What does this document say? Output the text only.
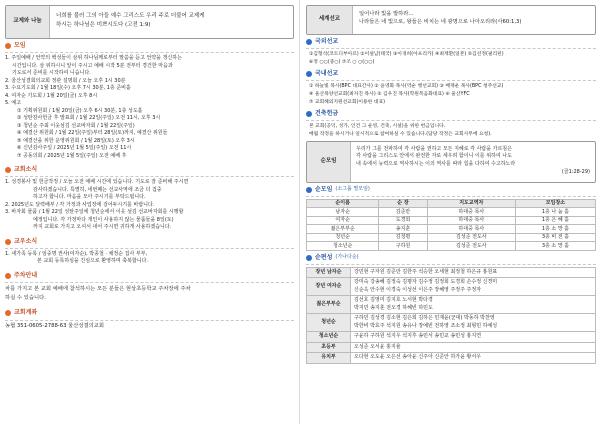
교제와 나눔
너희를 불러 그의 아들 예수 그리스도 우리 주로 더불어 교제케
하시는 하나님은 미쁘시도다 (고전 1:9)
모임
1. 주일예배 / 언약의 백성들이 삼위 하나님께로부터 말씀을 듣고 언약을 갱신하는
시간입니다. 삼 위하시니 앞이 주시고 예배 시작 5분 전부터 경건한 마음과
기도로서 준비를 시작하여 니습니다.
2. 울산성결회의교회 정관 설명회 / 오늘 오후 1시 30분
3. 수요기도회 / 1월 18일(수) 오후 7시 30분, 1층 준비홀
4. 여자순 기도회 / 1월 20일(금) 오후 8시
5. 예고
① 기획위원회 / 1월 20일(금) 오후 6시 30분, 1층 성도홀
② 성탄감사헌금 후 발표회 / 1월 22일(주일) 오전 11시, 오후 3시
③ 청년순 주최 이웃섬김 선교바자회 / 1월 22일(주일)
④ 예결산 위원회 / 1월 22일(주일)부터 28일(토)까지, 예결산 위원들
⑤ 예결산을 위한 운영위원회 / 1월 28일(토) 오후 3시
⑥ 신년감사주일 / 2025년 1월 5일(주일) 오전 11시
⑦ 공동의회 / 2025년 1월 5일(주일) 오전 예배 후
교회소식
1. 성경봉사 및 헌금작정 / 오늘 오전 예배 시간에 있습니다. 기도로 잘 준비해 주시면
감사하겠습니다. 특별히, 네번째는 선교사역에 조금 더 집중
하고자 합니다. 마음을 모아 주시기를 부탁드립니다.
2. 2025년도 달력배부 / 각 가정과 사업장에 걸어두시기를 바랍니다.
3. 바자회 물품 / 1월 22일 성탄주일에 청년순에서 이웃 섬김 선교바자회를 시행할
예정입니다. 각 가정마다 개인이 사용하지 않는 물품들을 8일(토)
까지 교회로 가지고 오셔서 내어 주시면 귀하게 사용하겠습니다.
교우소식
1. 새가족 등록 / 임중명 권사(여자순), 박종철 · 채정순 집사 부부,
본 교회 등록하심을 진심으로 환영하며 축복합니다.
주차안내
차를 가지고 본 교회 예배에 참석하시는 모든 분들은 현상초등학교 주차장에 주차
하실 수 있습니다.
교회계좌
농협 351-0605-2788-63 울산성결의교회
세계선교
일어나라 빛을 발하라...
나라들은 네 빛으로, 왕들은 비치는 네 광명으로 나아오리라(사60:1,3)
국외선교
①김형석(코트디부아르) ②이설남(태국) ③이경희(아프리카) ④최재환(일본) ⑤김선정(필리핀)
⑥정 ○○(중○) ⑦조 ○ ○(○○)
국내선교
① 하늘빛 목사(BPC 대표간사) ② 윤영화 목사(역순 행선교회) ③ 배재운 목사(BPC 청주선교)
④ 울산목양선교회(최자진 목사) ⑤ 김우진 목사(학원복음화대표) ⑥ 울산YFC
⑦ 교회해외지원선교회(이용한 대표)
건축헌금
본 교회(공덕, 성가, 인건 그 운영, 건축, 시설)을 위한 헌금입니다.
매월 작정을 하시거나 일시적으로 참여하실 수 있습니다.(담당 작정은 교회사무에 요청).
순모임
우리가 그를 전파하여 각 사람을 권하고 모든 지혜로 각 사람을 가르침은
각 사람을 그리스도 안에서 완전한 자로 세우려 함이니 이를 위하여 나도
내 속에서 능력으로 역사하시는 이의 역사를 따라 힘을 다하여 수고하노라
(골1:28-29)
순모임 (소그룹 별모임)
순이름	순 장	지도교역자	모임장소
남자순	김준만	하대중 목사	1층 나 눔 홀
여자순	도경희	하대중 목사	1층 은 혜 홀
젊은부부순	송지훈	하대중 목사	1층 소 망 홀
청년순	김청평	김성준 전도사	3층 비 전 홀
청소년순	구하원	김성준 전도사	3층 소 망 홀
순편성 (가나다순)
장년 남자순	강민현 구자원 김준만 김한주 석승한 오세현 최정철 하은규 홍원표

장년 여자순	강미숙 강송혜 김정숙 김평자 김수정 김정희 도경희 손수정 신경미
신순옥 안수현 이경숙 이성선 이은주 장혜영 주정주 주정자

젊은부부순	김선호 김영미 김지호 노서현 박다경
박지민 송지훈 전오경 하혜빈 하민도

청년순	구하민 김성경 김소현 김은희 김하은 민재윤(군대) 박동하 박찬영
박한비 박효주 석지원 송유나 장예빈 전하영 조소정 최형민 하예성

청소년순	구윤하 구하원 석지우 석지후 송민서 송민교 송민성 홍지연

초등부	오성준 오서윤 홍지율

유치부	오다현 오도윤 오은선 송아윤 신주아 신준안 하가윤 황서우
